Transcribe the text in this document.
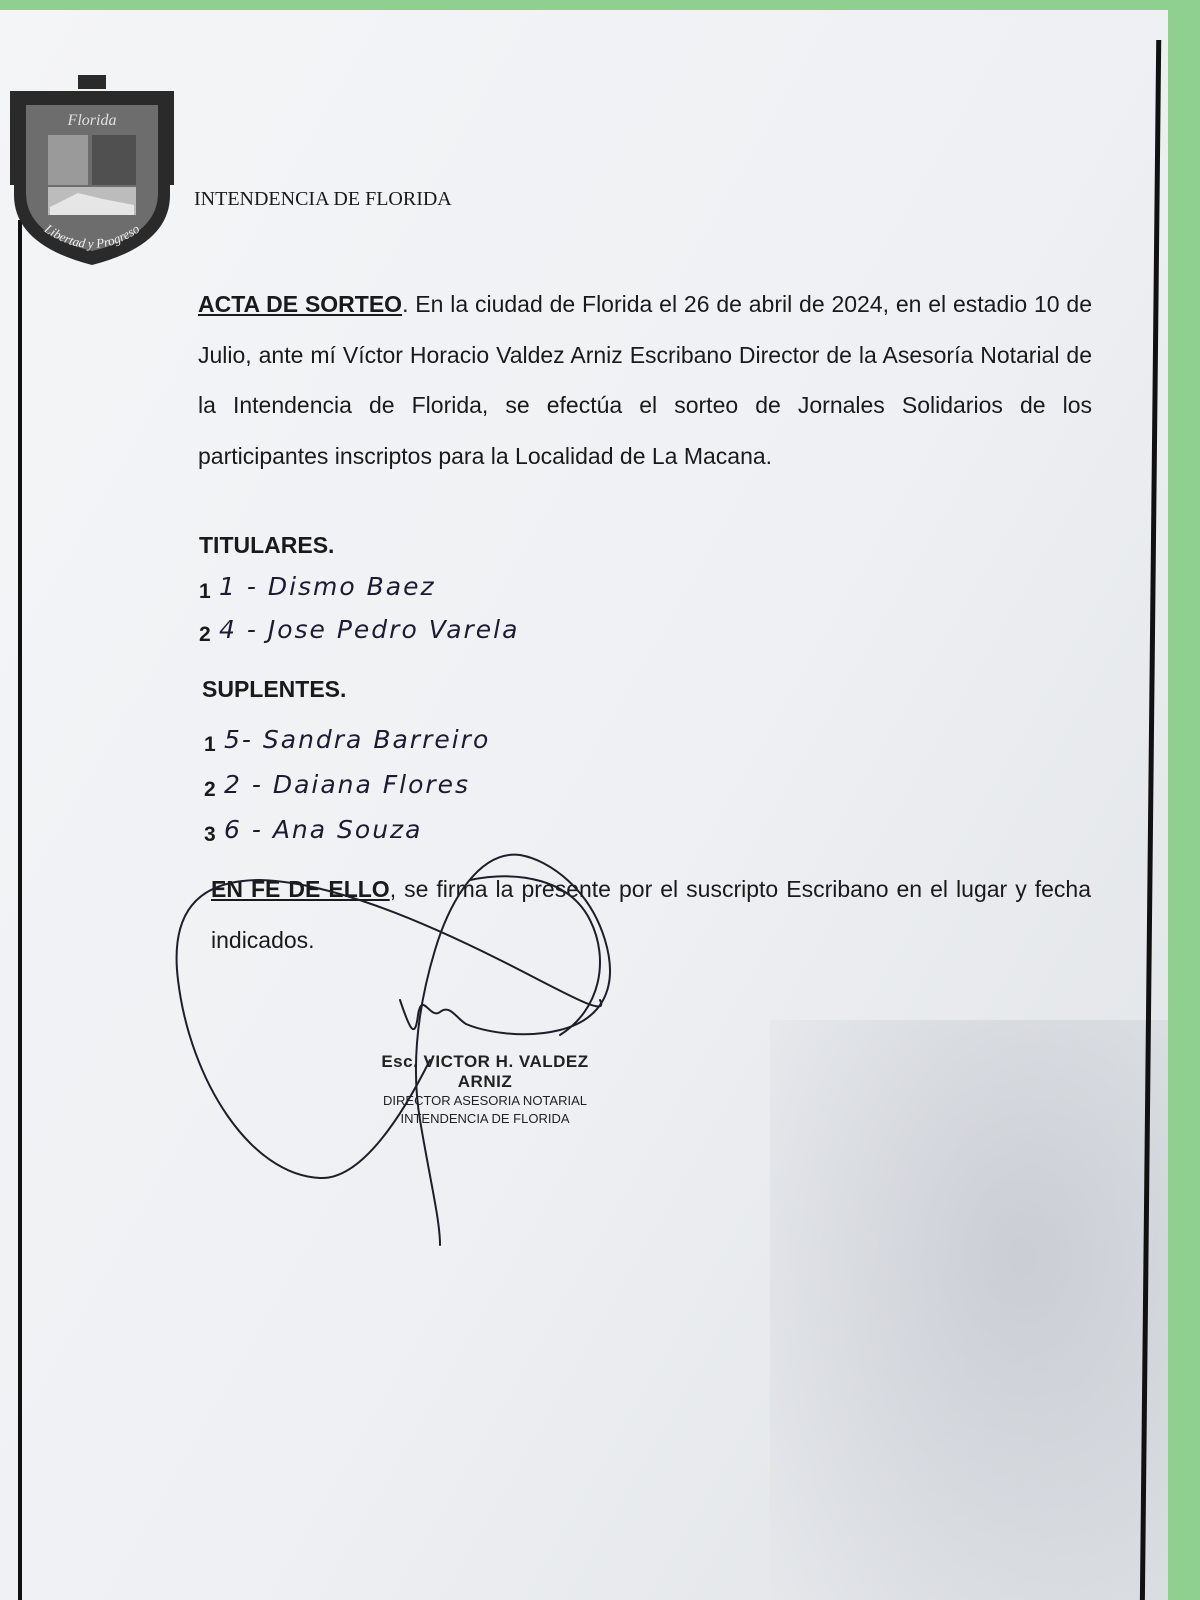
Florida
Libertad y Progreso
INTENDENCIA DE FLORIDA
ACTA DE SORTEO. En la ciudad de Florida el 26 de abril de 2024, en el estadio 10 de Julio, ante mí Víctor Horacio Valdez Arniz Escribano Director de la Asesoría Notarial de la Intendencia de Florida, se efectúa el sorteo de Jornales Solidarios de los participantes inscriptos para la Localidad de La Macana.
TITULARES.
1 1 - Dismo Baez
2 4 - Jose Pedro Varela
SUPLENTES.
1 5- Sandra Barreiro
2 2 - Daiana Flores
3 6 - Ana Souza
EN FE DE ELLO, se firma la presente por el suscripto Escribano en el lugar y fecha indicados.
Esc. VICTOR H. VALDEZ ARNIZ
DIRECTOR ASESORIA NOTARIAL
INTENDENCIA DE FLORIDA
